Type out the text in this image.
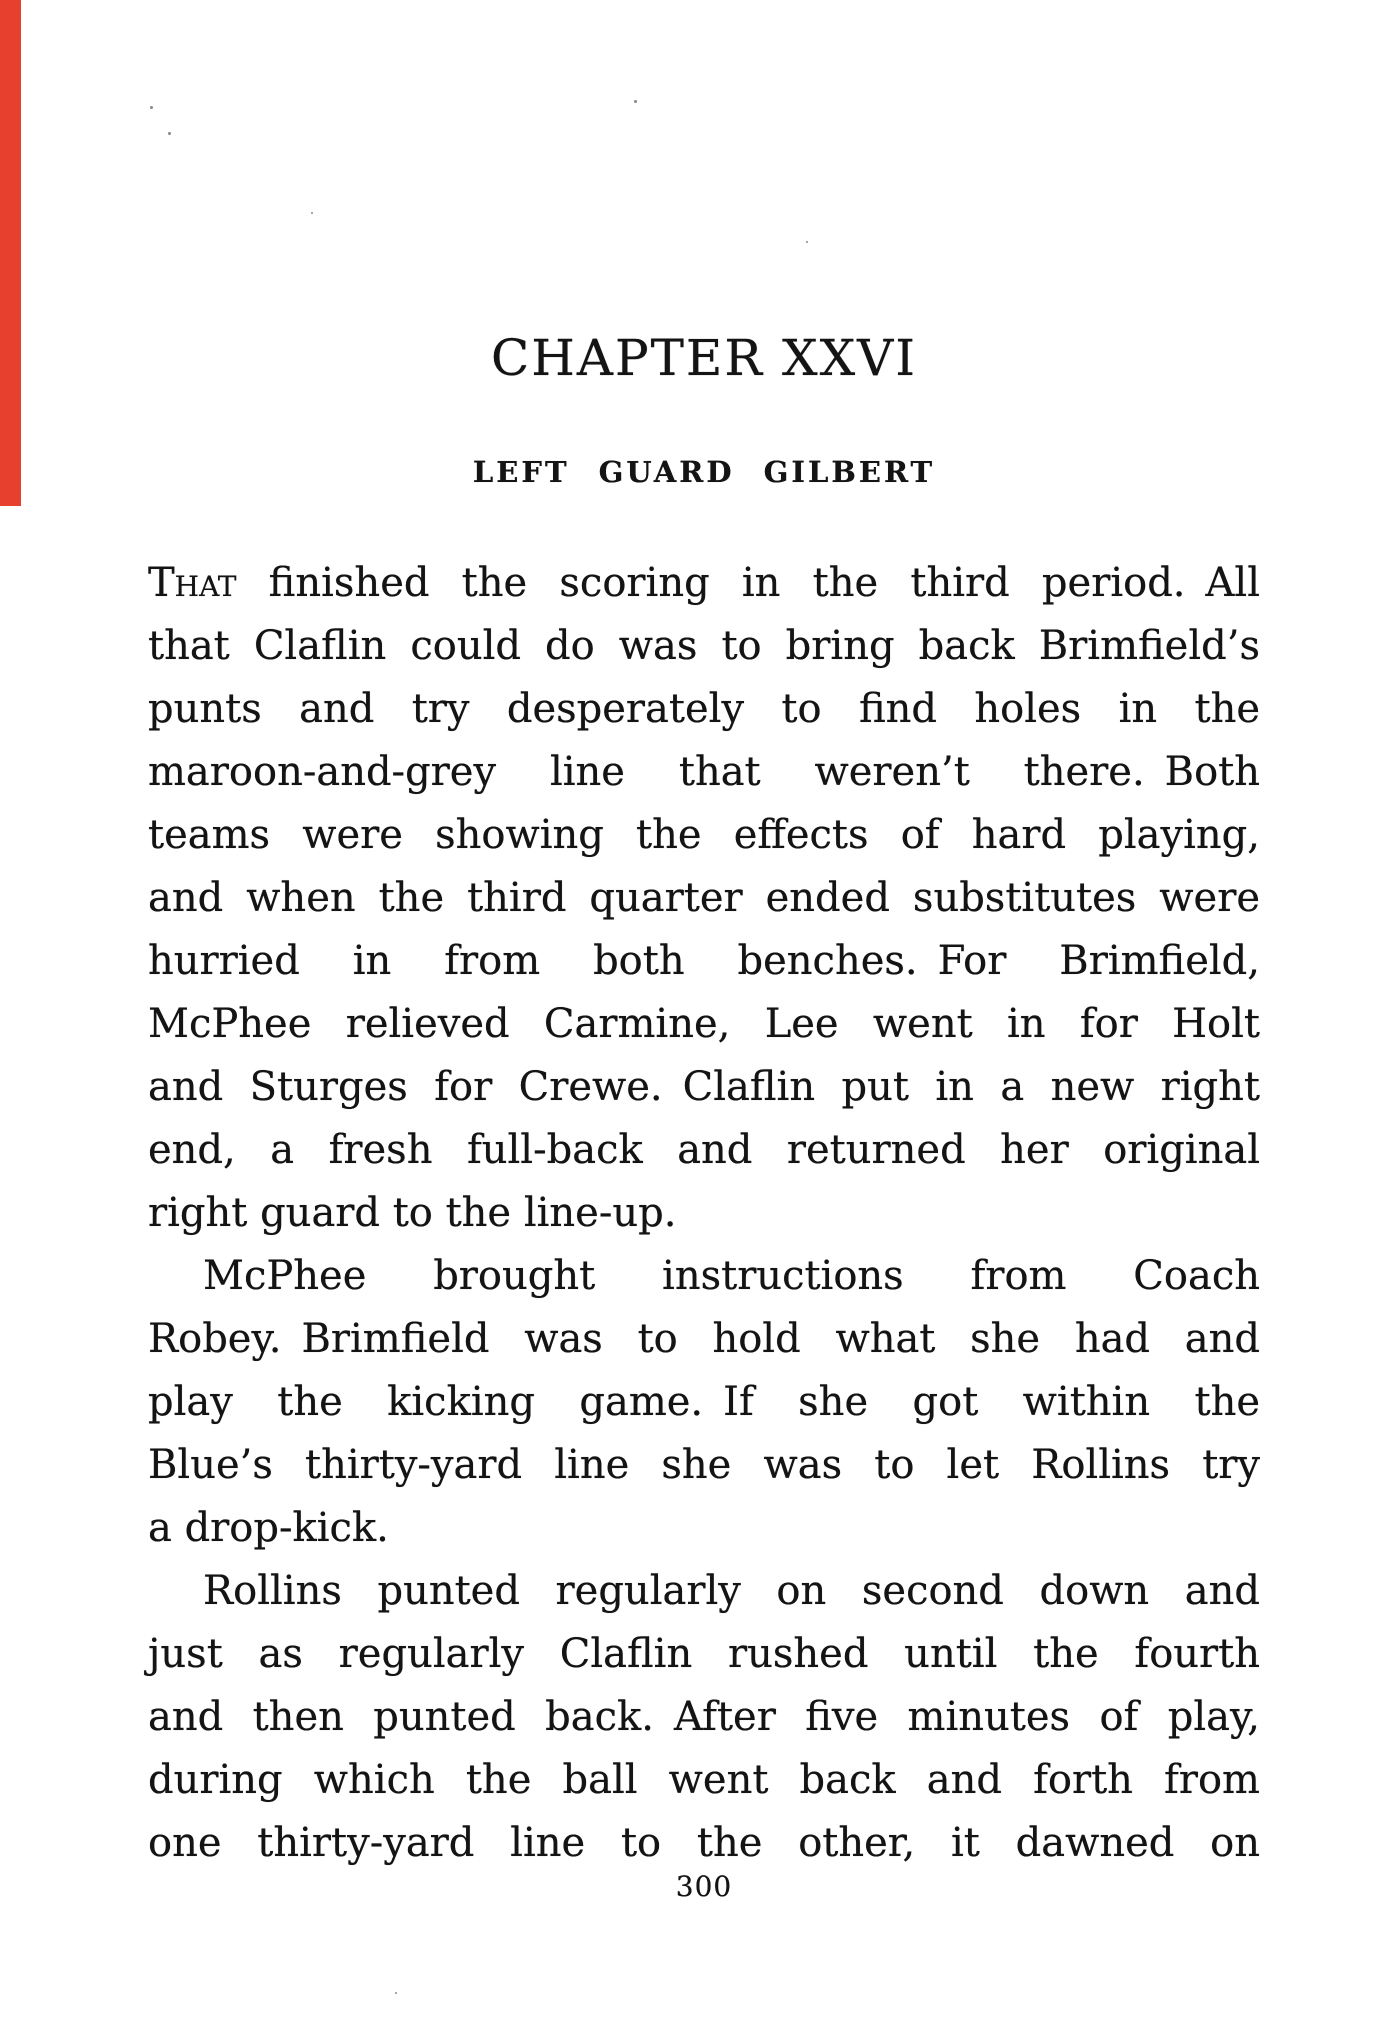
CHAPTER XXVI
LEFT GUARD GILBERT
That finished the scoring in the third period. All
that Claflin could do was to bring back Brimfield’s
punts and try desperately to find holes in the
maroon-and-grey line that weren’t there. Both
teams were showing the effects of hard playing,
and when the third quarter ended substitutes were
hurried in from both benches. For Brimfield,
McPhee relieved Carmine, Lee went in for Holt
and Sturges for Crewe. Claflin put in a new right
end, a fresh full-back and returned her original
right guard to the line-up.
McPhee brought instructions from Coach
Robey. Brimfield was to hold what she had and
play the kicking game. If she got within the
Blue’s thirty-yard line she was to let Rollins try
a drop-kick.
Rollins punted regularly on second down and
just as regularly Claflin rushed until the fourth
and then punted back. After five minutes of play,
during which the ball went back and forth from
one thirty-yard line to the other, it dawned on
300
